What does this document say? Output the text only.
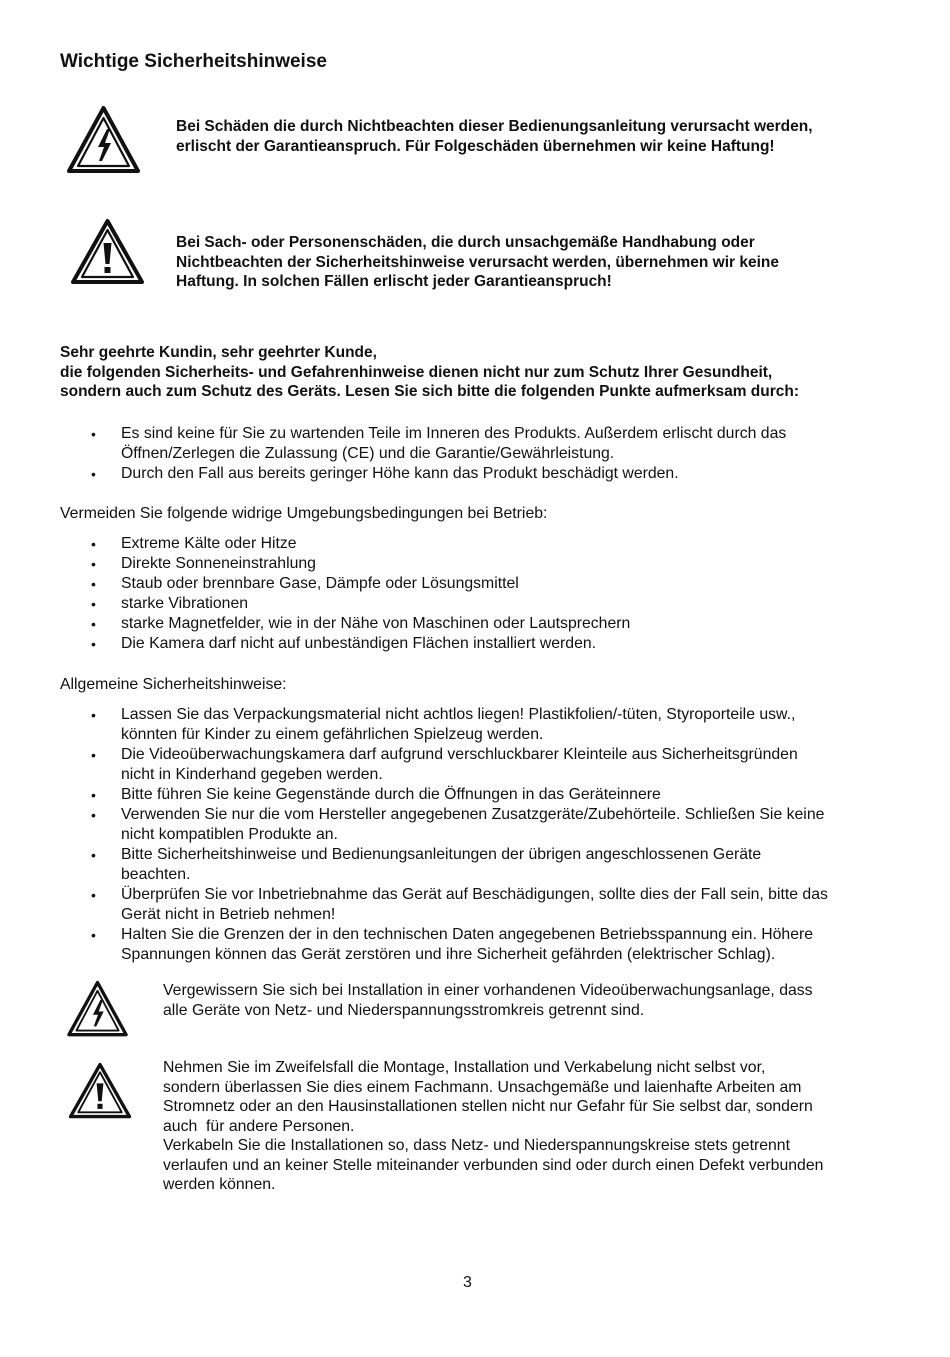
Wichtige Sicherheitshinweise
Bei Schäden die durch Nichtbeachten dieser Bedienungsanleitung verursacht werden,
erlischt der Garantieanspruch. Für Folgeschäden übernehmen wir keine Haftung!
Bei Sach- oder Personenschäden, die durch unsachgemäße Handhabung oder
Nichtbeachten der Sicherheitshinweise verursacht werden, übernehmen wir keine
Haftung. In solchen Fällen erlischt jeder Garantieanspruch!
Sehr geehrte Kundin, sehr geehrter Kunde,
die folgenden Sicherheits- und Gefahrenhinweise dienen nicht nur zum Schutz Ihrer Gesundheit,
sondern auch zum Schutz des Geräts. Lesen Sie sich bitte die folgenden Punkte aufmerksam durch:
• Es sind keine für Sie zu wartenden Teile im Inneren des Produkts. Außerdem erlischt durch das
Öffnen/Zerlegen die Zulassung (CE) und die Garantie/Gewährleistung.
• Durch den Fall aus bereits geringer Höhe kann das Produkt beschädigt werden.
Vermeiden Sie folgende widrige Umgebungsbedingungen bei Betrieb:
• Extreme Kälte oder Hitze
• Direkte Sonneneinstrahlung
• Staub oder brennbare Gase, Dämpfe oder Lösungsmittel
• starke Vibrationen
• starke Magnetfelder, wie in der Nähe von Maschinen oder Lautsprechern
• Die Kamera darf nicht auf unbeständigen Flächen installiert werden.
Allgemeine Sicherheitshinweise:
• Lassen Sie das Verpackungsmaterial nicht achtlos liegen! Plastikfolien/-tüten, Styroporteile usw.,
könnten für Kinder zu einem gefährlichen Spielzeug werden.
• Die Videoüberwachungskamera darf aufgrund verschluckbarer Kleinteile aus Sicherheitsgründen
nicht in Kinderhand gegeben werden.
• Bitte führen Sie keine Gegenstände durch die Öffnungen in das Geräteinnere
• Verwenden Sie nur die vom Hersteller angegebenen Zusatzgeräte/Zubehörteile. Schließen Sie keine
nicht kompatiblen Produkte an.
• Bitte Sicherheitshinweise und Bedienungsanleitungen der übrigen angeschlossenen Geräte
beachten.
• Überprüfen Sie vor Inbetriebnahme das Gerät auf Beschädigungen, sollte dies der Fall sein, bitte das
Gerät nicht in Betrieb nehmen!
• Halten Sie die Grenzen der in den technischen Daten angegebenen Betriebsspannung ein. Höhere
Spannungen können das Gerät zerstören und ihre Sicherheit gefährden (elektrischer Schlag).
Vergewissern Sie sich bei Installation in einer vorhandenen Videoüberwachungsanlage, dass
alle Geräte von Netz- und Niederspannungsstromkreis getrennt sind.
Nehmen Sie im Zweifelsfall die Montage, Installation und Verkabelung nicht selbst vor,
sondern überlassen Sie dies einem Fachmann. Unsachgemäße und laienhafte Arbeiten am
Stromnetz oder an den Hausinstallationen stellen nicht nur Gefahr für Sie selbst dar, sondern
auch  für andere Personen.
Verkabeln Sie die Installationen so, dass Netz- und Niederspannungskreise stets getrennt
verlaufen und an keiner Stelle miteinander verbunden sind oder durch einen Defekt verbunden
werden können.
3
